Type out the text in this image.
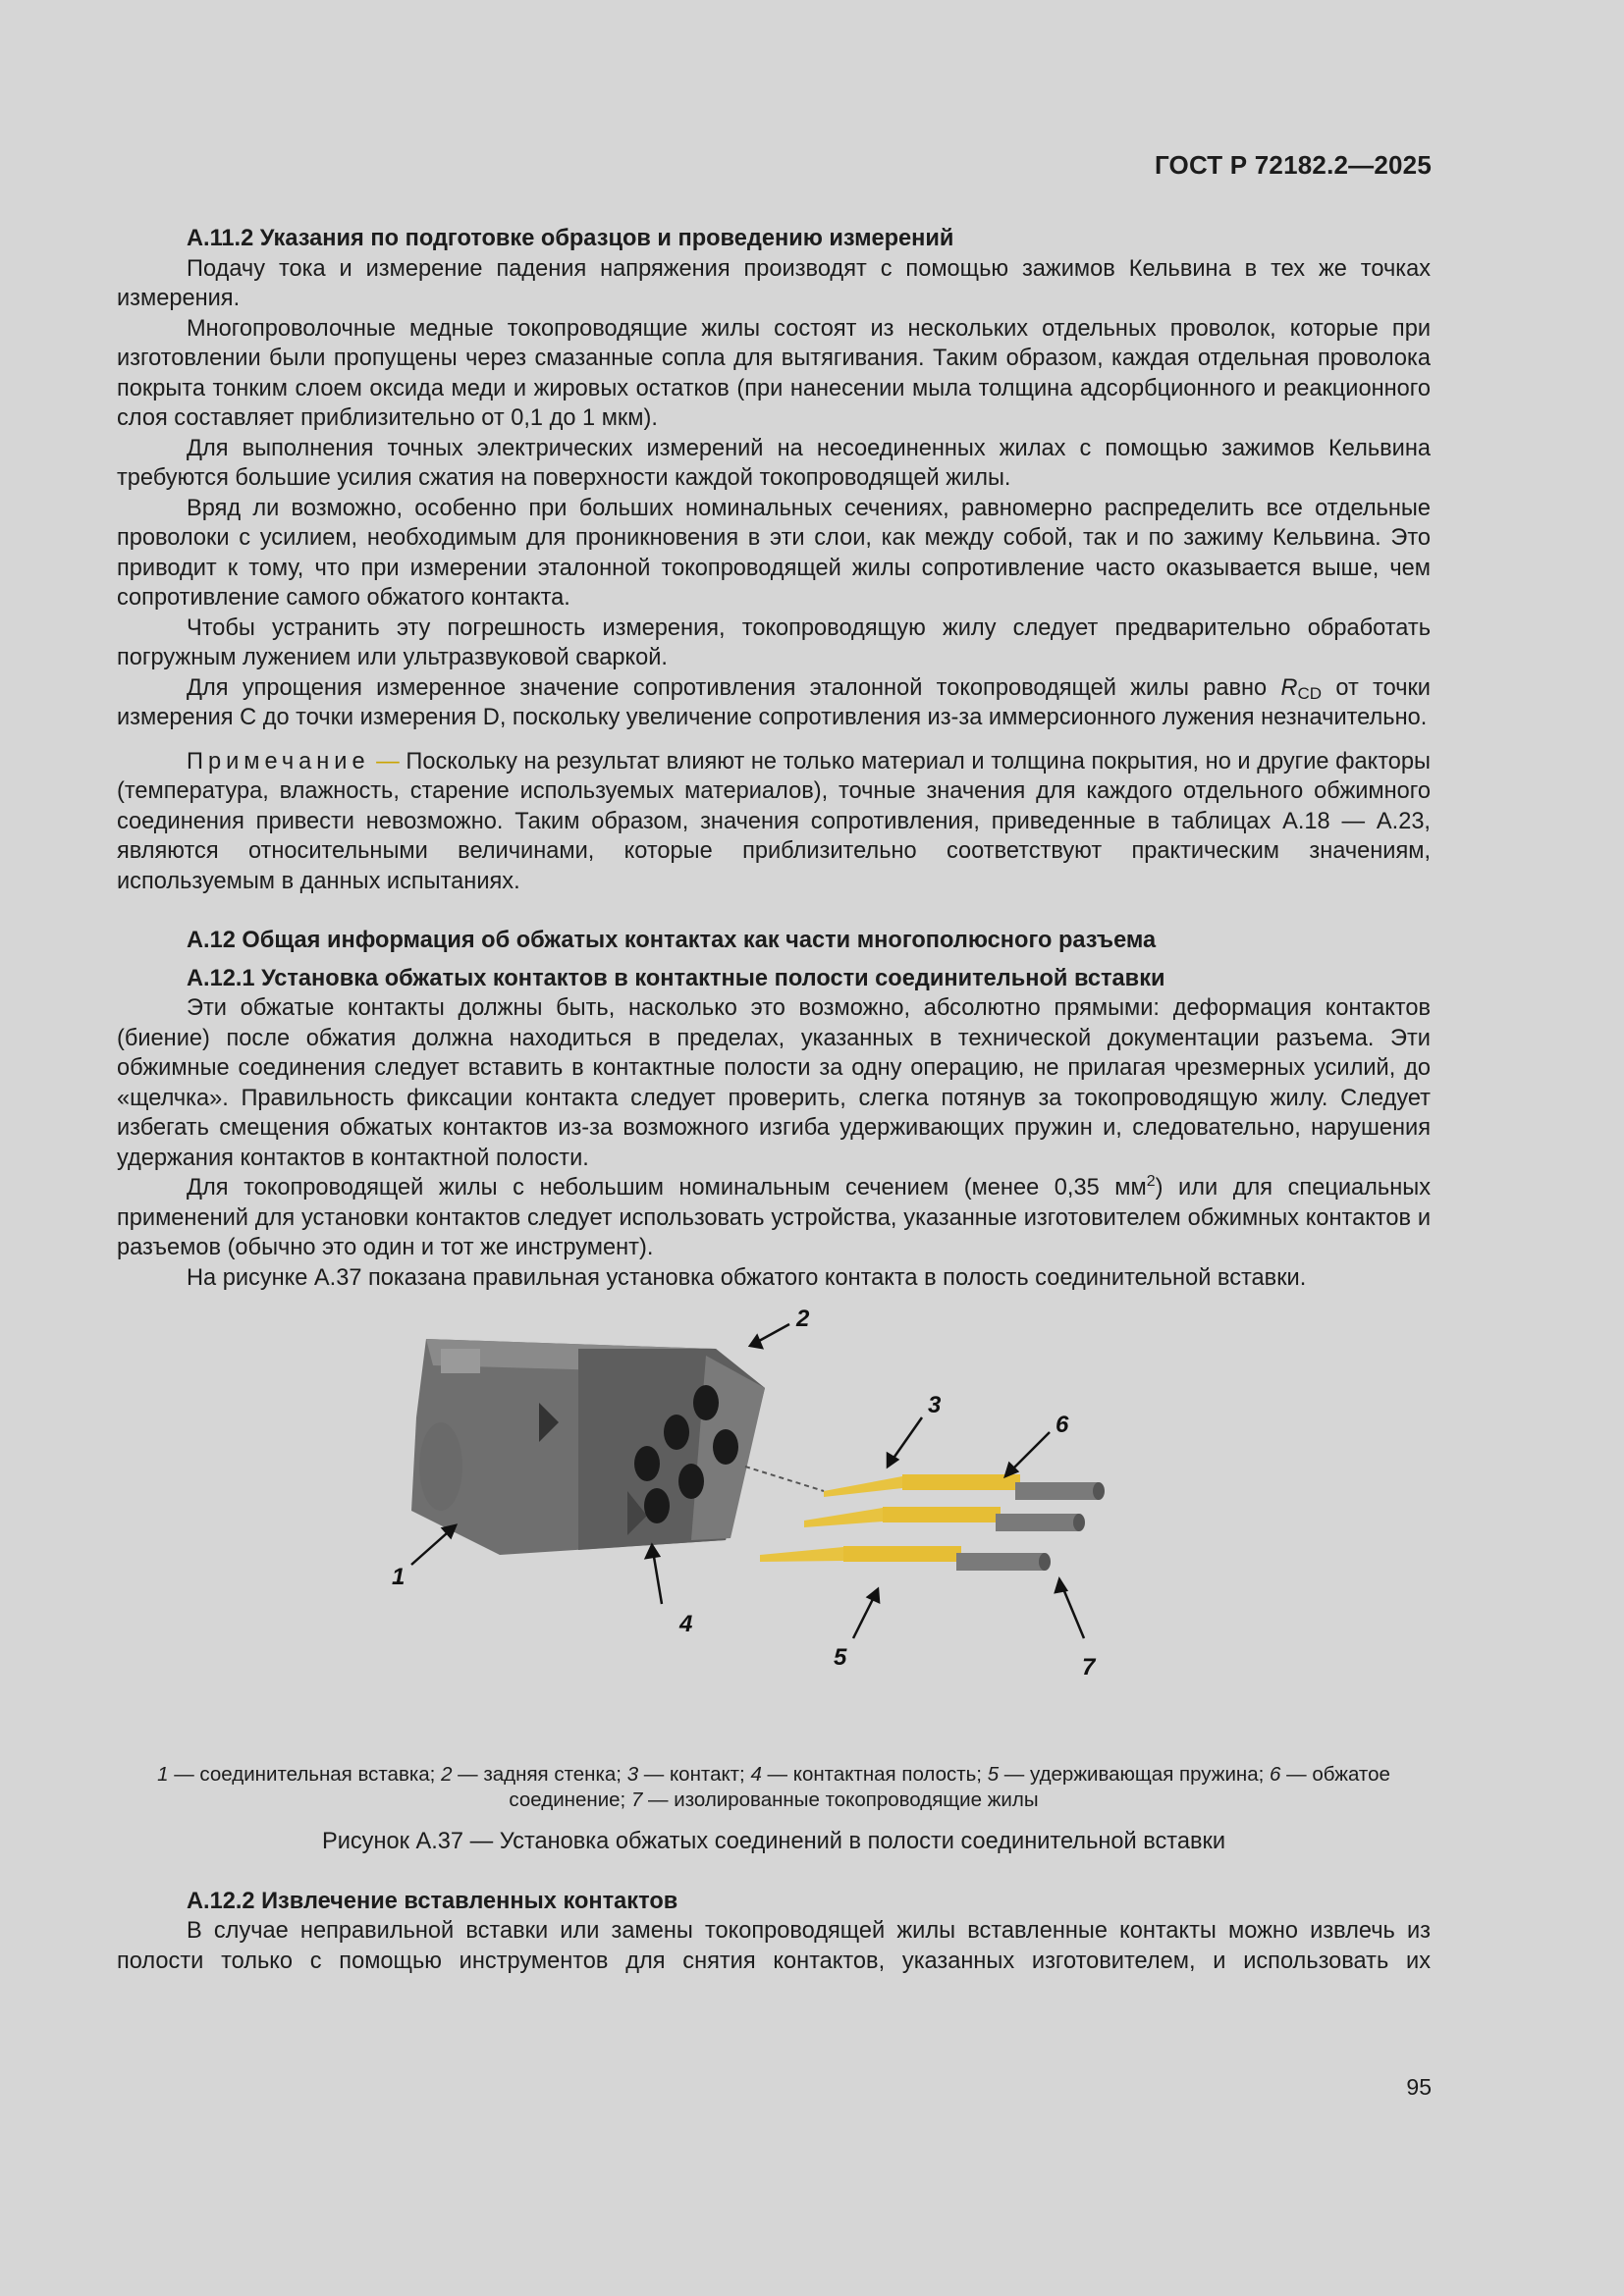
ГОСТ Р 72182.2—2025

А.11.2 Указания по подготовке образцов и проведению измерений

Подачу тока и измерение падения напряжения производят с помощью зажимов Кельвина в тех же точках измерения.

Многопроволочные медные токопроводящие жилы состоят из нескольких отдельных проволок, которые при изготовлении были пропущены через смазанные сопла для вытягивания. Таким образом, каждая отдельная проволока покрыта тонким слоем оксида меди и жировых остатков (при нанесении мыла толщина адсорбционного и реакционного слоя составляет приблизительно от 0,1 до 1 мкм).

Для выполнения точных электрических измерений на несоединенных жилах с помощью зажимов Кельвина требуются большие усилия сжатия на поверхности каждой токопроводящей жилы.

Вряд ли возможно, особенно при больших номинальных сечениях, равномерно распределить все отдельные проволоки с усилием, необходимым для проникновения в эти слои, как между собой, так и по зажиму Кельвина. Это приводит к тому, что при измерении эталонной токопроводящей жилы сопротивление часто оказывается выше, чем сопротивление самого обжатого контакта.

Чтобы устранить эту погрешность измерения, токопроводящую жилу следует предварительно обработать погружным лужением или ультразвуковой сваркой.

Для упрощения измеренное значение сопротивления эталонной токопроводящей жилы равно $R_{CD}$ от точки измерения С до точки измерения D, поскольку увеличение сопротивления из-за иммерсионного лужения незначительно.

Примечание — Поскольку на результат влияют не только материал и толщина покрытия, но и другие факторы (температура, влажность, старение используемых материалов), точные значения для каждого отдельного обжимного соединения привести невозможно. Таким образом, значения сопротивления, приведенные в таблицах А.18 — А.23, являются относительными величинами, которые приблизительно соответствуют практическим значениям, используемым в данных испытаниях.

А.12 Общая информация об обжатых контактах как части многополюсного разъема

А.12.1 Установка обжатых контактов в контактные полости соединительной вставки

Эти обжатые контакты должны быть, насколько это возможно, абсолютно прямыми: деформация контактов (биение) после обжатия должна находиться в пределах, указанных в технической документации разъема. Эти обжимные соединения следует вставить в контактные полости за одну операцию, не прилагая чрезмерных усилий, до «щелчка». Правильность фиксации контакта следует проверить, слегка потянув за токопроводящую жилу. Следует избегать смещения обжатых контактов из-за возможного изгиба удерживающих пружин и, следовательно, нарушения удержания контактов в контактной полости.

Для токопроводящей жилы с небольшим номинальным сечением (менее 0,35 $мм^2$) или для специальных применений для установки контактов следует использовать устройства, указанные изготовителем обжимных контактов и разъемов (обычно это один и тот же инструмент).

На рисунке А.37 показана правильная установка обжатого контакта в полость соединительной вставки.

1
2
3
4
5
6
7
1 — соединительная вставка; 2 — задняя стенка; 3 — контакт; 4 — контактная полость; 5 — удерживающая пружина; 6 — обжатое соединение; 7 — изолированные токопроводящие жилы

Рисунок А.37 — Установка обжатых соединений в полости соединительной вставки

А.12.2 Извлечение вставленных контактов

В случае неправильной вставки или замены токопроводящей жилы вставленные контакты можно извлечь из полости только с помощью инструментов для снятия контактов, указанных изготовителем, и использовать их

95
